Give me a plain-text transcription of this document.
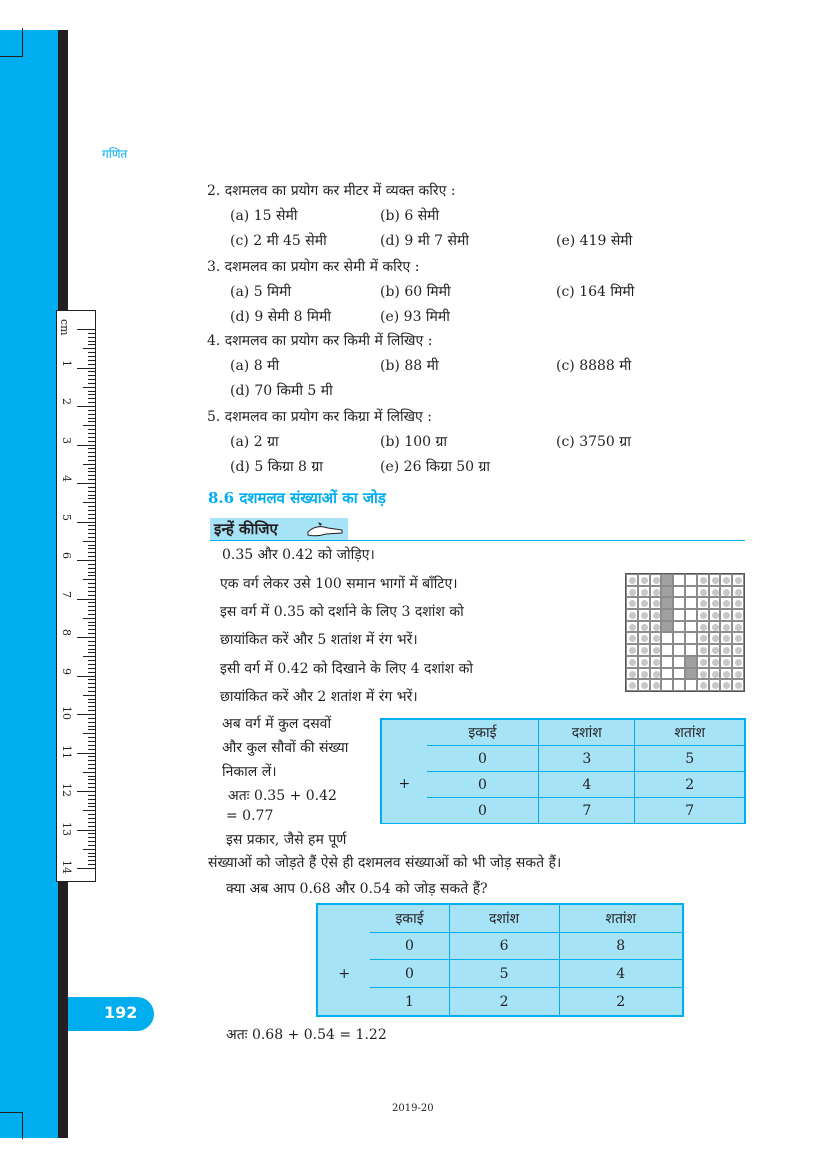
cm
1
2
3
4
5
6
7
8
9
10
11
12
13
14
गणित
2. दशमलव का प्रयोग कर मीटर में व्यक्त करिए :
(a) 15 सेमी	(b) 6 सेमी
(c) 2 मी 45 सेमी	(d) 9 मी 7 सेमी	(e) 419 सेमी
3. दशमलव का प्रयोग कर सेमी में करिए :
(a) 5 मिमी	(b) 60 मिमी	(c) 164 मिमी
(d) 9 सेमी 8 मिमी	(e) 93 मिमी
4. दशमलव का प्रयोग कर किमी में लिखिए :
(a) 8 मी	(b) 88 मी	(c) 8888 मी
(d) 70 किमी 5 मी
5. दशमलव का प्रयोग कर किग्रा में लिखिए :
(a) 2 ग्रा	(b) 100 ग्रा	(c) 3750 ग्रा
(d) 5 किग्रा 8 ग्रा	(e) 26 किग्रा 50 ग्रा
8.6 दशमलव संख्याओं का जोड़
इन्हें कीजिए
0.35 और 0.42 को जोड़िए।
एक वर्ग लेकर उसे 100 समान भागों में बाँटिए।
इस वर्ग में 0.35 को दर्शाने के लिए 3 दशांश को
छायांकित करें और 5 शतांश में रंग भरें।
इसी वर्ग में 0.42 को दिखाने के लिए 4 दशांश को
छायांकित करें और 2 शतांश में रंग भरें।
अब वर्ग में कुल दसवों
और कुल सौवों की संख्या
निकाल लें।
अतः 0.35 + 0.42
= 0.77
इस प्रकार, जैसे हम पूर्ण
संख्याओं को जोड़ते हैं ऐसे ही दशमलव संख्याओं को भी जोड़ सकते हैं।
क्या अब आप 0.68 और 0.54 को जोड़ सकते हैं?
	इकाई	दशांश	शतांश
+	0	3	5
	0	4	2
	0	7	7
	इकाई	दशांश	शतांश
+	0	6	8
	0	5	4
	1	2	2
अतः 0.68 + 0.54 = 1.22
192
2019-20
